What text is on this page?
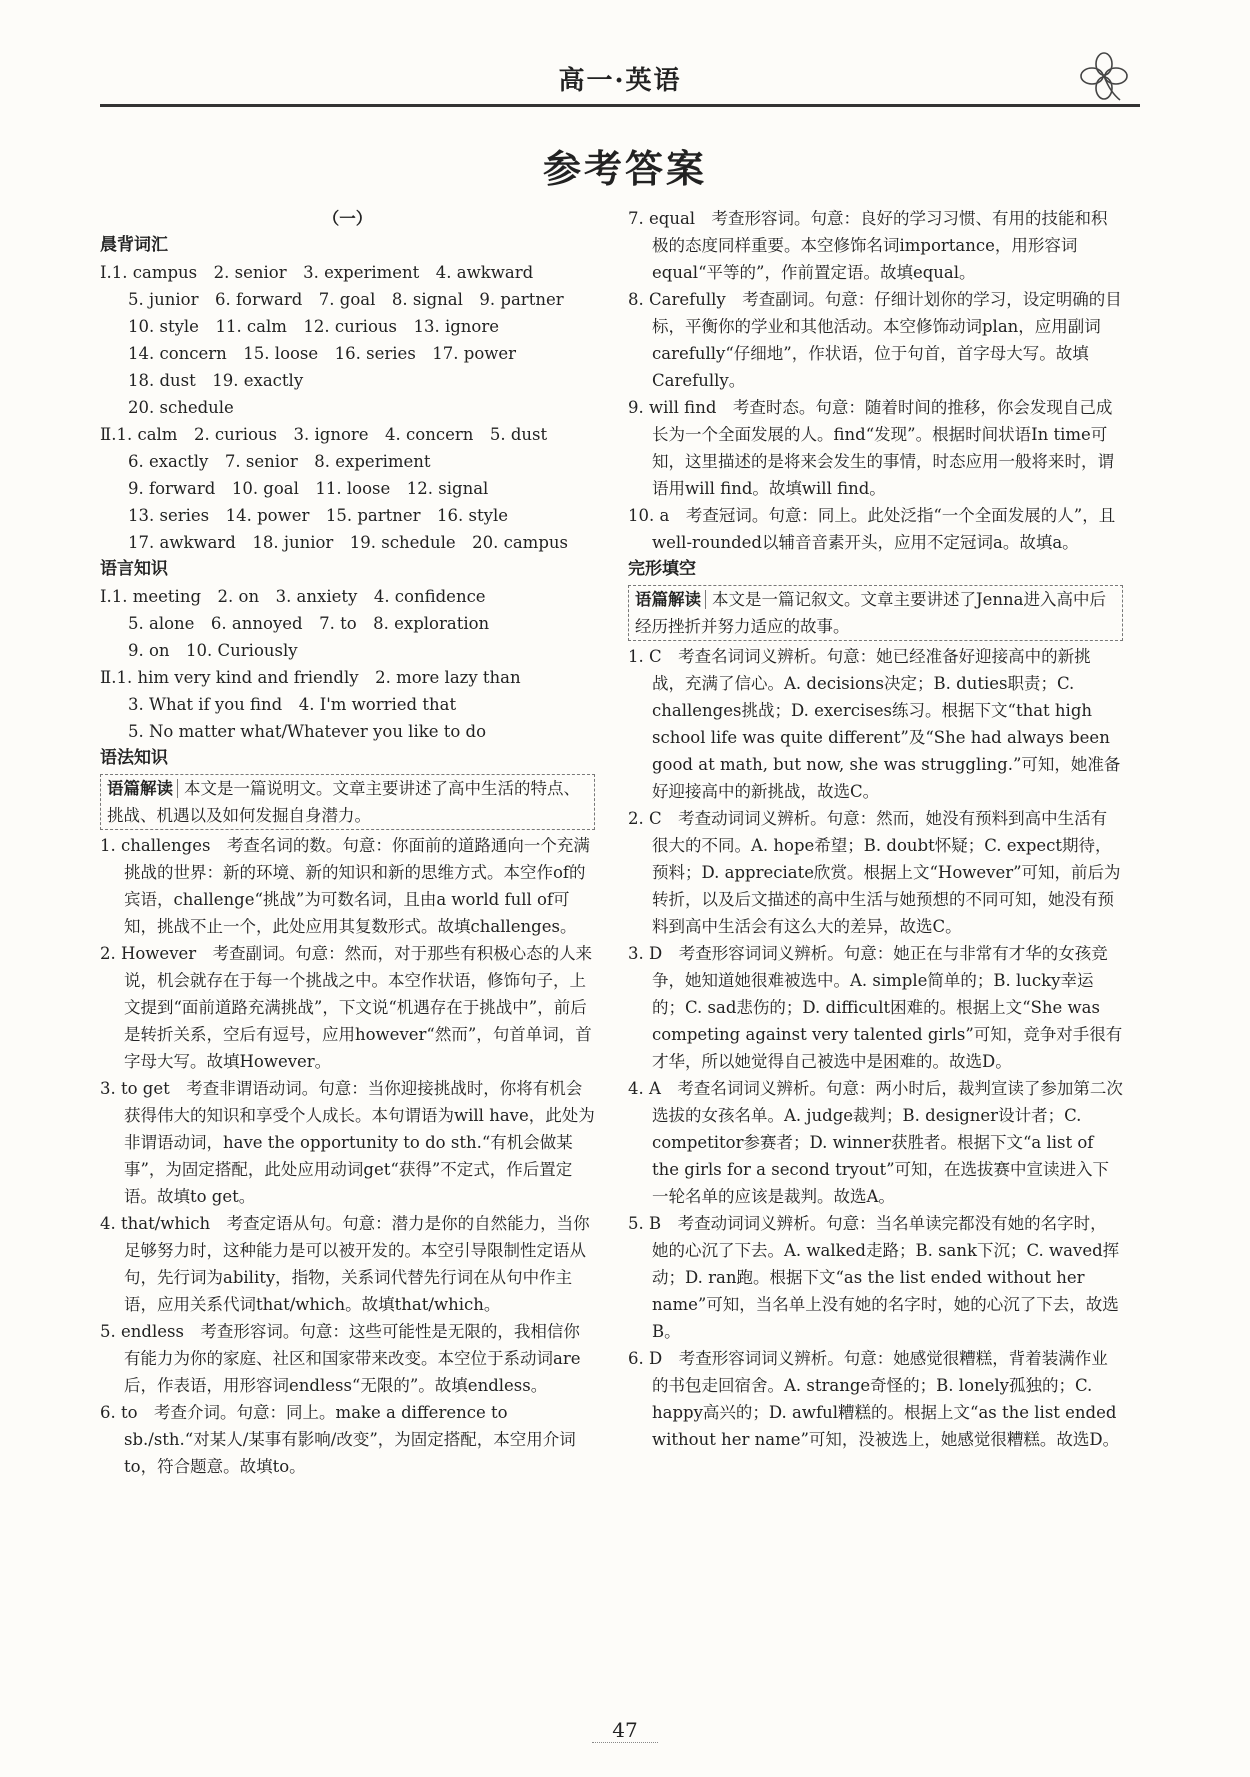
高一·英语
参考答案
（一）
晨背词汇

Ⅰ.1. campus　2. senior　3. experiment　4. awkward

5. junior　6. forward　7. goal　8. signal　9. partner

10. style　11. calm　12. curious　13. ignore

14. concern　15. loose　16. series　17. power

18. dust　19. exactly

20. schedule

Ⅱ.1. calm　2. curious　3. ignore　4. concern　5. dust

6. exactly　7. senior　8. experiment

9. forward　10. goal　11. loose　12. signal

13. series　14. power　15. partner　16. style

17. awkward　18. junior　19. schedule　20. campus

语言知识

Ⅰ.1. meeting　2. on　3. anxiety　4. confidence

5. alone　6. annoyed　7. to　8. exploration

9. on　10. Curiously

Ⅱ.1. him very kind and friendly　2. more lazy than

3. What if you find　4. I'm worried that

5. No matter what/Whatever you like to do

语法知识
语篇解读 本文是一篇说明文。文章主要讲述了高中生活的特点、挑战、机遇以及如何发掘自身潜力。

1. challenges　考查名词的数。句意：你面前的道路通向一个充满挑战的世界：新的环境、新的知识和新的思维方式。本空作of的宾语，challenge“挑战”为可数名词，且由a world full of可知，挑战不止一个，此处应用其复数形式。故填challenges。

2. However　考查副词。句意：然而，对于那些有积极心态的人来说，机会就存在于每一个挑战之中。本空作状语，修饰句子，上文提到“面前道路充满挑战”，下文说“机遇存在于挑战中”，前后是转折关系，空后有逗号，应用however“然而”，句首单词，首字母大写。故填However。

3. to get　考查非谓语动词。句意：当你迎接挑战时，你将有机会获得伟大的知识和享受个人成长。本句谓语为will have，此处为非谓语动词，have the opportunity to do sth.“有机会做某事”，为固定搭配，此处应用动词get“获得”不定式，作后置定语。故填to get。

4. that/which　考查定语从句。句意：潜力是你的自然能力，当你足够努力时，这种能力是可以被开发的。本空引导限制性定语从句，先行词为ability，指物，关系词代替先行词在从句中作主语，应用关系代词that/which。故填that/which。

5. endless　考查形容词。句意：这些可能性是无限的，我相信你有能力为你的家庭、社区和国家带来改变。本空位于系动词are后，作表语，用形容词endless“无限的”。故填endless。

6. to　考查介词。句意：同上。make a difference to sb./sth.“对某人/某事有影响/改变”，为固定搭配，本空用介词to，符合题意。故填to。

7. equal　考查形容词。句意：良好的学习习惯、有用的技能和积极的态度同样重要。本空修饰名词importance，用形容词equal“平等的”，作前置定语。故填equal。

8. Carefully　考查副词。句意：仔细计划你的学习，设定明确的目标，平衡你的学业和其他活动。本空修饰动词plan，应用副词carefully“仔细地”，作状语，位于句首，首字母大写。故填Carefully。

9. will find　考查时态。句意：随着时间的推移，你会发现自己成长为一个全面发展的人。find“发现”。根据时间状语In time可知，这里描述的是将来会发生的事情，时态应用一般将来时，谓语用will find。故填will find。

10. a　考查冠词。句意：同上。此处泛指“一个全面发展的人”，且well-rounded以辅音音素开头，应用不定冠词a。故填a。

完形填空
语篇解读 本文是一篇记叙文。文章主要讲述了Jenna进入高中后经历挫折并努力适应的故事。

1. C　考查名词词义辨析。句意：她已经准备好迎接高中的新挑战，充满了信心。A. decisions决定；B. duties职责；C. challenges挑战；D. exercises练习。根据下文“that high school life was quite different”及“She had always been good at math, but now, she was struggling.”可知，她准备好迎接高中的新挑战，故选C。

2. C　考查动词词义辨析。句意：然而，她没有预料到高中生活有很大的不同。A. hope希望；B. doubt怀疑；C. expect期待，预料；D. appreciate欣赏。根据上文“However”可知，前后为转折，以及后文描述的高中生活与她预想的不同可知，她没有预料到高中生活会有这么大的差异，故选C。

3. D　考查形容词词义辨析。句意：她正在与非常有才华的女孩竞争，她知道她很难被选中。A. simple简单的；B. lucky幸运的；C. sad悲伤的；D. difficult困难的。根据上文“She was competing against very talented girls”可知，竞争对手很有才华，所以她觉得自己被选中是困难的。故选D。

4. A　考查名词词义辨析。句意：两小时后，裁判宣读了参加第二次选拔的女孩名单。A. judge裁判；B. designer设计者；C. competitor参赛者；D. winner获胜者。根据下文“a list of the girls for a second tryout”可知，在选拔赛中宣读进入下一轮名单的应该是裁判。故选A。

5. B　考查动词词义辨析。句意：当名单读完都没有她的名字时，她的心沉了下去。A. walked走路；B. sank下沉；C. waved挥动；D. ran跑。根据下文“as the list ended without her name”可知，当名单上没有她的名字时，她的心沉了下去，故选B。

6. D　考查形容词词义辨析。句意：她感觉很糟糕，背着装满作业的书包走回宿舍。A. strange奇怪的；B. lonely孤独的；C. happy高兴的；D. awful糟糕的。根据上文“as the list ended without her name”可知，没被选上，她感觉很糟糕。故选D。

47
